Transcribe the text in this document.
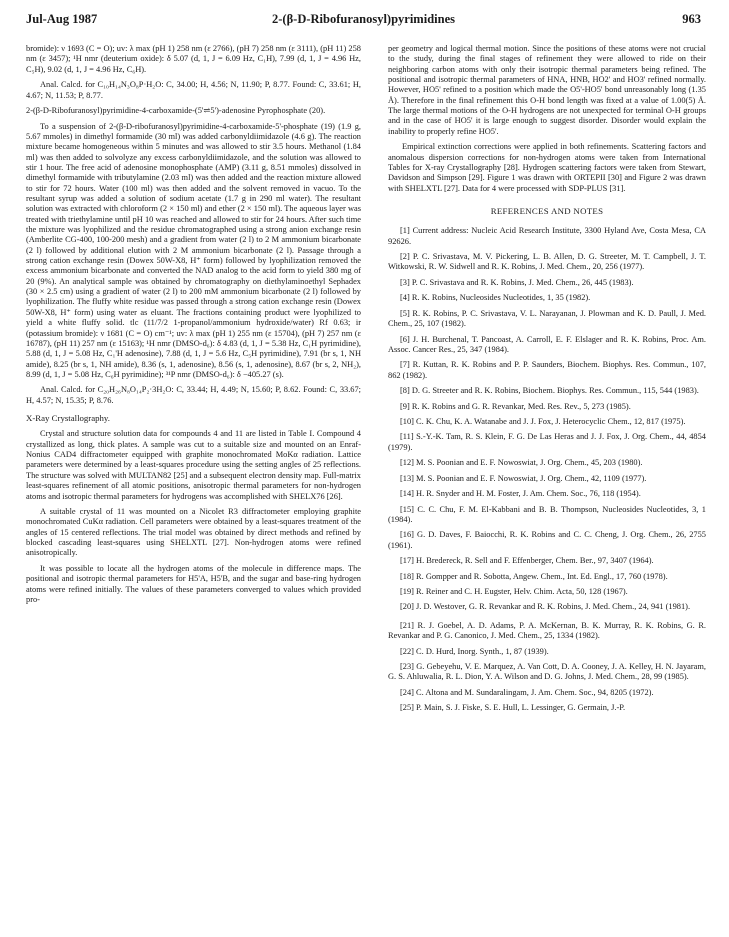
Jul-Aug 1987	2-(β-D-Ribofuranosyl)pyrimidines	963

bromide): ν 1693 (C = O); uv: λ max (pH 1) 258 nm (ε 2766), (pH 7) 258 nm (ε 3111), (pH 11) 258 nm (ε 3457); ¹H nmr (deuterium oxide): δ 5.07 (d, 1, J = 6.09 Hz, C₁H), 7.99 (d, 1, J = 4.96 Hz, C₅H), 9.02 (d, 1, J = 4.96 Hz, C₆H).

Anal. Calcd. for C₁₀H₁₄N₃O₈P·H₂O: C, 34.00; H, 4.56; N, 11.90; P, 8.77. Found: C, 33.61; H, 4.67; N, 11.53; P, 8.77.

2-(β-D-Ribofuranosyl)pyrimidine-4-carboxamide-(5'⇌5')-adenosine Pyrophosphate (20).

To a suspension of 2-(β-D-ribofuranosyl)pyrimidine-4-carboxamide-5'-phosphate (19) (1.9 g, 5.67 mmoles) in dimethyl formamide (30 ml) was added carbonyldiimidazole (4.6 g). The reaction mixture became homogeneous within 5 minutes and was allowed to stir 3.5 hours. Methanol (1.84 ml) was then added to solvolyze any excess carbonyldiimidazole, and the solution was allowed to stir 1 hour. The free acid of adenosine monophosphate (AMP) (3.11 g, 8.51 mmoles) dissolved in dimethyl formamide with tributylamine (2.03 ml) was then added and the reaction mixture allowed to stir for 72 hours. Water (100 ml) was then added and the solvent removed in vacuo. To the resultant syrup was added a solution of sodium acetate (1.7 g in 290 ml water). The resultant solution was extracted with chloroform (2 × 150 ml) and ether (2 × 150 ml). The aqueous layer was treated with triethylamine until pH 10 was reached and allowed to stir for 24 hours. After such time the mixture was lyophilized and the residue chromatographed using a strong anion exchange resin (Amberlite CG-400, 100-200 mesh) and a gradient from water (2 l) to 2 M ammonium bicarbonate (2 l) followed by additional elution with 2 M ammonium bicarbonate (2 l). Passage through a strong cation exchange resin (Dowex 50W-X8, H⁺ form) followed by lyophilization removed the excess ammonium bicarbonate and converted the NAD analog to the acid form to yield 380 mg of 20 (9%). An analytical sample was obtained by chromatography on diethylaminoethyl Sephadex (30 × 2.5 cm) using a gradient of water (2 l) to 200 mM ammonium bicarbonate (2 l) followed by lyophilization. The fluffy white residue was passed through a strong cation exchange resin (Dowex 50W-X8, H⁺ form) using water as eluant. The fractions containing product were lyophilized to yield a white fluffy solid. tlc (11/7/2 1-propanol/ammonium hydroxide/water) Rf 0.63; ir (potassium bromide): ν 1681 (C = O) cm⁻¹; uv: λ max (pH 1) 255 nm (ε 15704), (pH 7) 257 nm (ε 16787), (pH 11) 257 nm (ε 15163); ¹H nmr (DMSO-d₆): δ 4.83 (d, 1, J = 5.38 Hz, C₁H pyrimidine), 5.88 (d, 1, J = 5.08 Hz, C₁'H adenosine), 7.88 (d, 1, J = 5.6 Hz, C₅H pyrimidine), 7.91 (br s, 1, NH amide), 8.25 (br s, 1, NH amide), 8.36 (s, 1, adenosine), 8.56 (s, 1, adenosine), 8.67 (br s, 2, NH₂), 8.99 (d, 1, J = 5.08 Hz, C₆H pyrimidine); ³¹P nmr (DMSO-d₆): δ −405.27 (s).

Anal. Calcd. for C₂₀H₂₆N₈O₁₄P₂·3H₂O: C, 33.44; H, 4.49; N, 15.60; P, 8.62. Found: C, 33.67; H, 4.57; N, 15.35; P, 8.76.

X-Ray Crystallography.

Crystal and structure solution data for compounds 4 and 11 are listed in Table I. Compound 4 crystallized as long, thick plates. A sample was cut to a suitable size and mounted on an Enraf-Nonius CAD4 diffractometer equipped with graphite monochromated MoKα radiation. Lattice parameters were determined by a least-squares procedure using the setting angles of 25 reflections. The structure was solved with MULTAN82 [25] and a subsequent electron density map. Full-matrix least-squares refinement of all atomic positions, anisotropic thermal parameters for non-hydrogen atoms and isotropic thermal parameters for hydrogens was accomplished with SHELX76 [26].

A suitable crystal of 11 was mounted on a Nicolet R3 diffractometer employing graphite monochromated CuKα radiation. Cell parameters were obtained by a least-squares treatment of the angles of 15 centered reflections. The trial model was obtained by direct methods and refined by blocked cascading least-squares using SHELXTL [27]. Non-hydrogen atoms were refined anisotropically.

It was possible to locate all the hydrogen atoms of the molecule in difference maps. The positional and isotropic thermal parameters for H5'A, H5'B, and the sugar and base-ring hydrogen atoms were refined initially. The values of these parameters converged to values which provided pro-

per geometry and logical thermal motion. Since the positions of these atoms were not crucial to the study, during the final stages of refinement they were allowed to ride on their neighboring carbon atoms with only their isotropic thermal parameters being refined. The positional and isotropic thermal parameters of HNA, HNB, HO2' and HO3' refined normally. However, HO5' refined to a position which made the O5'-HO5' bond unreasonably long (1.35 Å). Therefore in the final refinement this O-H bond length was fixed at a value of 1.00(5) Å. The large thermal motions of the O-H hydrogens are not unexpected for terminal O-H groups and in the case of HO5' it is large enough to suggest disorder. Disorder would explain the inability to properly refine HO5'.

Empirical extinction corrections were applied in both refinements. Scattering factors and anomalous dispersion corrections for non-hydrogen atoms were taken from International Tables for X-ray Crystallography [28]. Hydrogen scattering factors were taken from Stewart, Davidson and Simpson [29]. Figure 1 was drawn with ORTEPII [30] and Figure 2 was drawn with SHELXTL [27]. Data for 4 were processed with SDP-PLUS [31].

REFERENCES AND NOTES

[1] Current address: Nucleic Acid Research Institute, 3300 Hyland Ave, Costa Mesa, CA 92626.

[2] P. C. Srivastava, M. V. Pickering, L. B. Allen, D. G. Streeter, M. T. Campbell, J. T. Witkowski, R. W. Sidwell and R. K. Robins, J. Med. Chem., 20, 256 (1977).

[3] P. C. Srivastava and R. K. Robins, J. Med. Chem., 26, 445 (1983).

[4] R. K. Robins, Nucleosides Nucleotides, 1, 35 (1982).

[5] R. K. Robins, P. C. Srivastava, V. L. Narayanan, J. Plowman and K. D. Paull, J. Med. Chem., 25, 107 (1982).

[6] J. H. Burchenal, T. Pancoast, A. Carroll, E. F. Elslager and R. K. Robins, Proc. Am. Assoc. Cancer Res., 25, 347 (1984).

[7] R. Kuttan, R. K. Robins and P. P. Saunders, Biochem. Biophys. Res. Commun., 107, 862 (1982).

[8] D. G. Streeter and R. K. Robins, Biochem. Biophys. Res. Commun., 115, 544 (1983).

[9] R. K. Robins and G. R. Revankar, Med. Res. Rev., 5, 273 (1985).

[10] C. K. Chu, K. A. Watanabe and J. J. Fox, J. Heterocyclic Chem., 12, 817 (1975).

[11] S.-Y.-K. Tam, R. S. Klein, F. G. De Las Heras and J. J. Fox, J. Org. Chem., 44, 4854 (1979).

[12] M. S. Poonian and E. F. Nowoswiat, J. Org. Chem., 45, 203 (1980).

[13] M. S. Poonian and E. F. Nowoswiat, J. Org. Chem., 42, 1109 (1977).

[14] H. R. Snyder and H. M. Foster, J. Am. Chem. Soc., 76, 118 (1954).

[15] C. C. Chu, F. M. El-Kabbani and B. B. Thompson, Nucleosides Nucleotides, 3, 1 (1984).

[16] G. D. Daves, F. Baiocchi, R. K. Robins and C. C. Cheng, J. Org. Chem., 26, 2755 (1961).

[17] H. Bredereck, R. Sell and F. Effenberger, Chem. Ber., 97, 3407 (1964).

[18] R. Gompper and R. Sobotta, Angew. Chem., Int. Ed. Engl., 17, 760 (1978).

[19] R. Reiner and C. H. Eugster, Helv. Chim. Acta, 50, 128 (1967).

[20] J. D. Westover, G. R. Revankar and R. K. Robins, J. Med. Chem., 24, 941 (1981).

[21] R. J. Goebel, A. D. Adams, P. A. McKernan, B. K. Murray, R. K. Robins, G. R. Revankar and P. G. Canonico, J. Med. Chem., 25, 1334 (1982).

[22] C. D. Hurd, Inorg. Synth., 1, 87 (1939).

[23] G. Gebeyehu, V. E. Marquez, A. Van Cott, D. A. Cooney, J. A. Kelley, H. N. Jayaram, G. S. Ahluwalia, R. L. Dion, Y. A. Wilson and D. G. Johns, J. Med. Chem., 28, 99 (1985).

[24] C. Altona and M. Sundaralingam, J. Am. Chem. Soc., 94, 8205 (1972).

[25] P. Main, S. J. Fiske, S. E. Hull, L. Lessinger, G. Germain, J.-P.
